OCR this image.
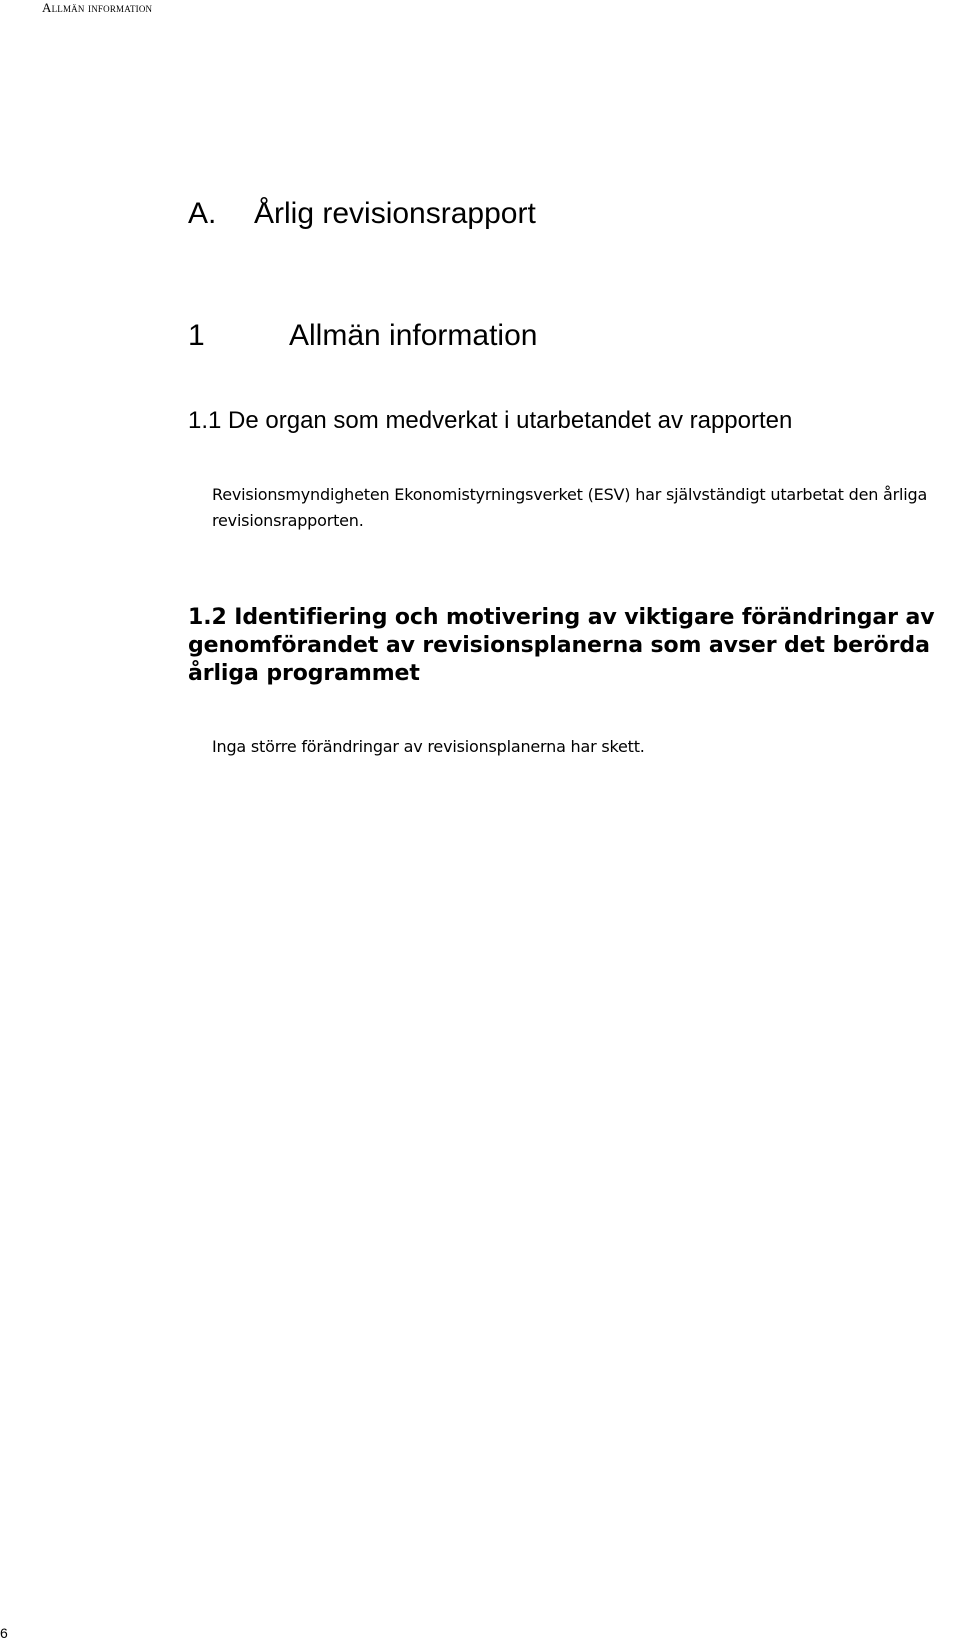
Allmän information
A. Årlig revisionsrapport
1	Allmän information
1.1 De organ som medverkat i utarbetandet av rapporten

Revisionsmyndigheten Ekonomistyrningsverket (ESV) har självständigt utarbetat den årliga revisionsrapporten.

1.2 Identifiering och motivering av viktigare förändringar av genomförandet av revisionsplanerna som avser det berörda årliga programmet

Inga större förändringar av revisionsplanerna har skett.

6
